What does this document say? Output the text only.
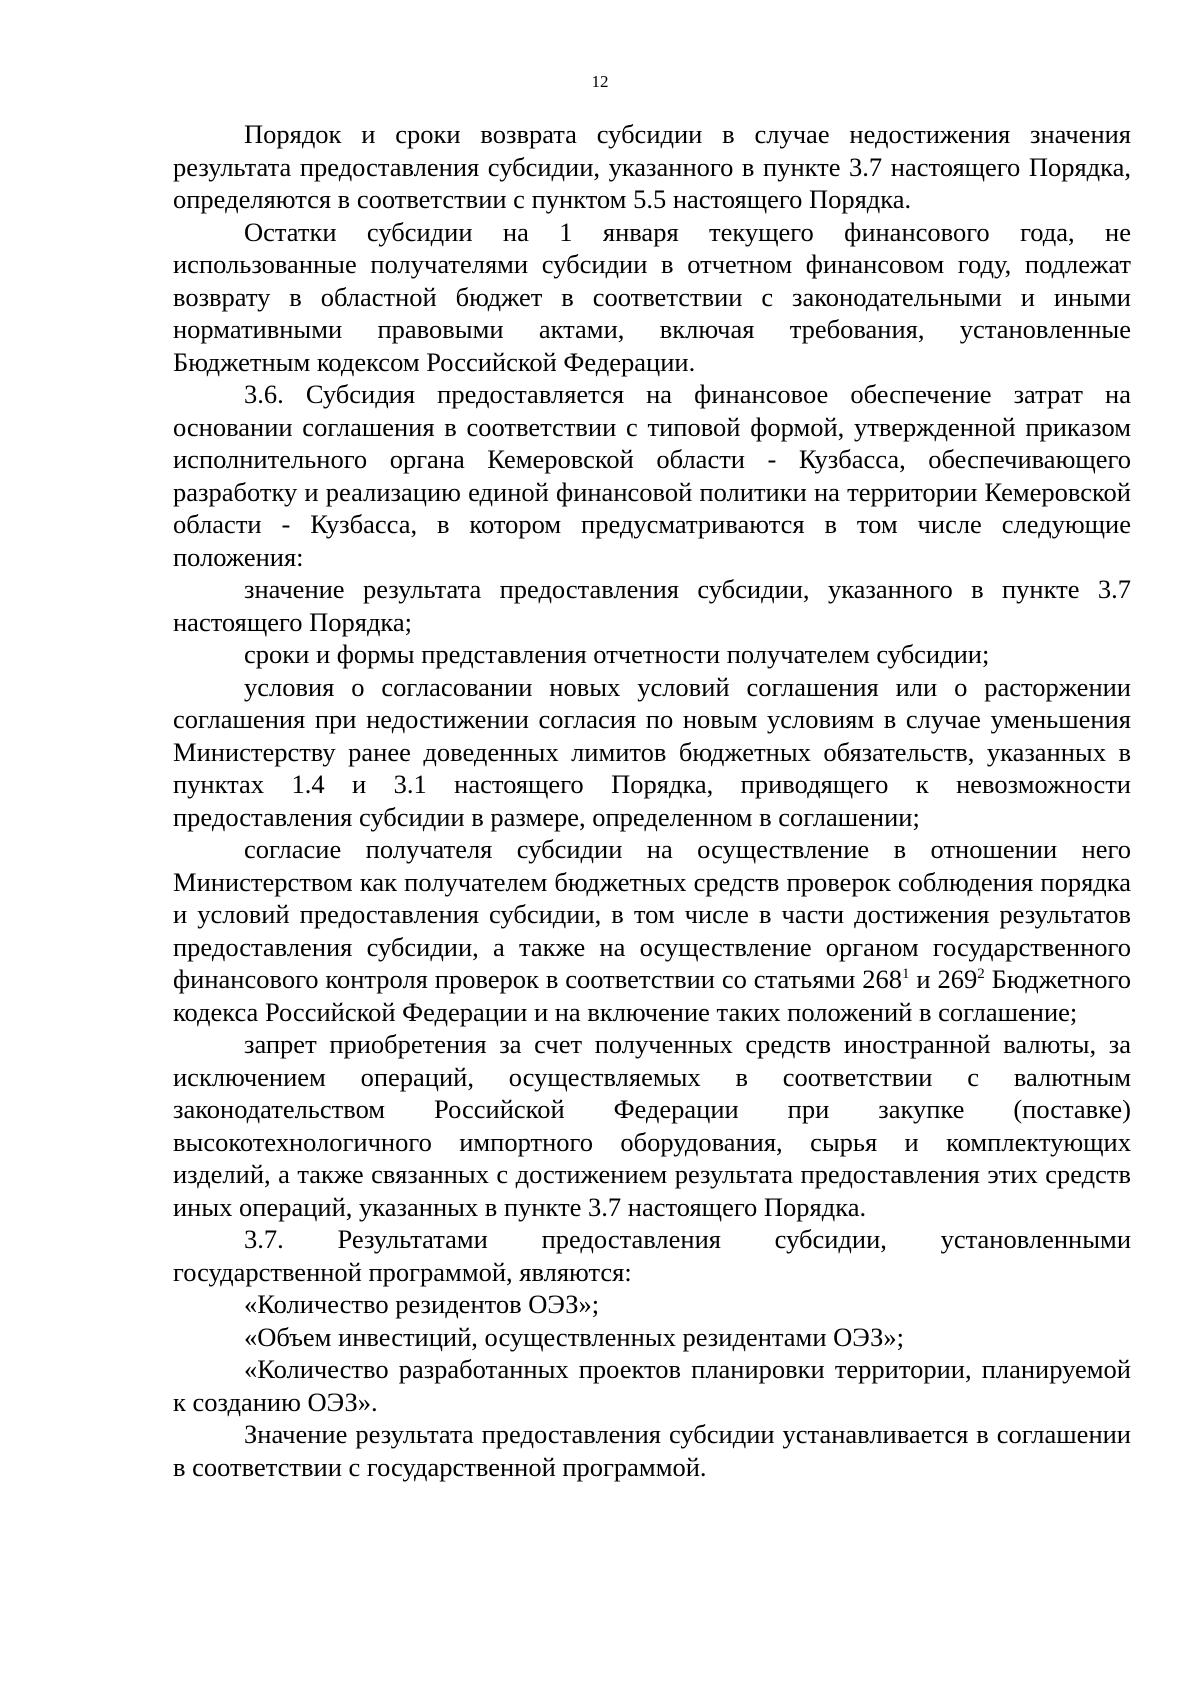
12

Порядок и сроки возврата субсидии в случае недостижения значения результата предоставления субсидии, указанного в пункте 3.7 настоящего Порядка, определяются в соответствии с пунктом 5.5 настоящего Порядка.

Остатки субсидии на 1 января текущего финансового года, не использованные получателями субсидии в отчетном финансовом году, подлежат возврату в областной бюджет в соответствии с законодательными и иными нормативными правовыми актами, включая требования, установленные Бюджетным кодексом Российской Федерации.

3.6. Субсидия предоставляется на финансовое обеспечение затрат на основании соглашения в соответствии с типовой формой, утвержденной приказом исполнительного органа Кемеровской области - Кузбасса, обеспечивающего разработку и реализацию единой финансовой политики на территории Кемеровской области - Кузбасса, в котором предусматриваются в том числе следующие положения:

значение результата предоставления субсидии, указанного в пункте 3.7 настоящего Порядка;

сроки и формы представления отчетности получателем субсидии;

условия о согласовании новых условий соглашения или о расторжении соглашения при недостижении согласия по новым условиям в случае уменьшения Министерству ранее доведенных лимитов бюджетных обязательств, указанных в пунктах 1.4 и 3.1 настоящего Порядка, приводящего к невозможности предоставления субсидии в размере, определенном в соглашении;

согласие получателя субсидии на осуществление в отношении него Министерством как получателем бюджетных средств проверок соблюдения порядка и условий предоставления субсидии, в том числе в части достижения результатов предоставления субсидии, а также на осуществление органом государственного финансового контроля проверок в соответствии со статьями $268^1$ и $269^2$ Бюджетного кодекса Российской Федерации и на включение таких положений в соглашение;

запрет приобретения за счет полученных средств иностранной валюты, за исключением операций, осуществляемых в соответствии с валютным законодательством Российской Федерации при закупке (поставке) высокотехнологичного импортного оборудования, сырья и комплектующих изделий, а также связанных с достижением результата предоставления этих средств иных операций, указанных в пункте 3.7 настоящего Порядка.

3.7. Результатами предоставления субсидии, установленными государственной программой, являются:

«Количество резидентов ОЭЗ»;

«Объем инвестиций, осуществленных резидентами ОЭЗ»;

«Количество разработанных проектов планировки территории, планируемой к созданию ОЭЗ».

Значение результата предоставления субсидии устанавливается в соглашении в соответствии с государственной программой.
